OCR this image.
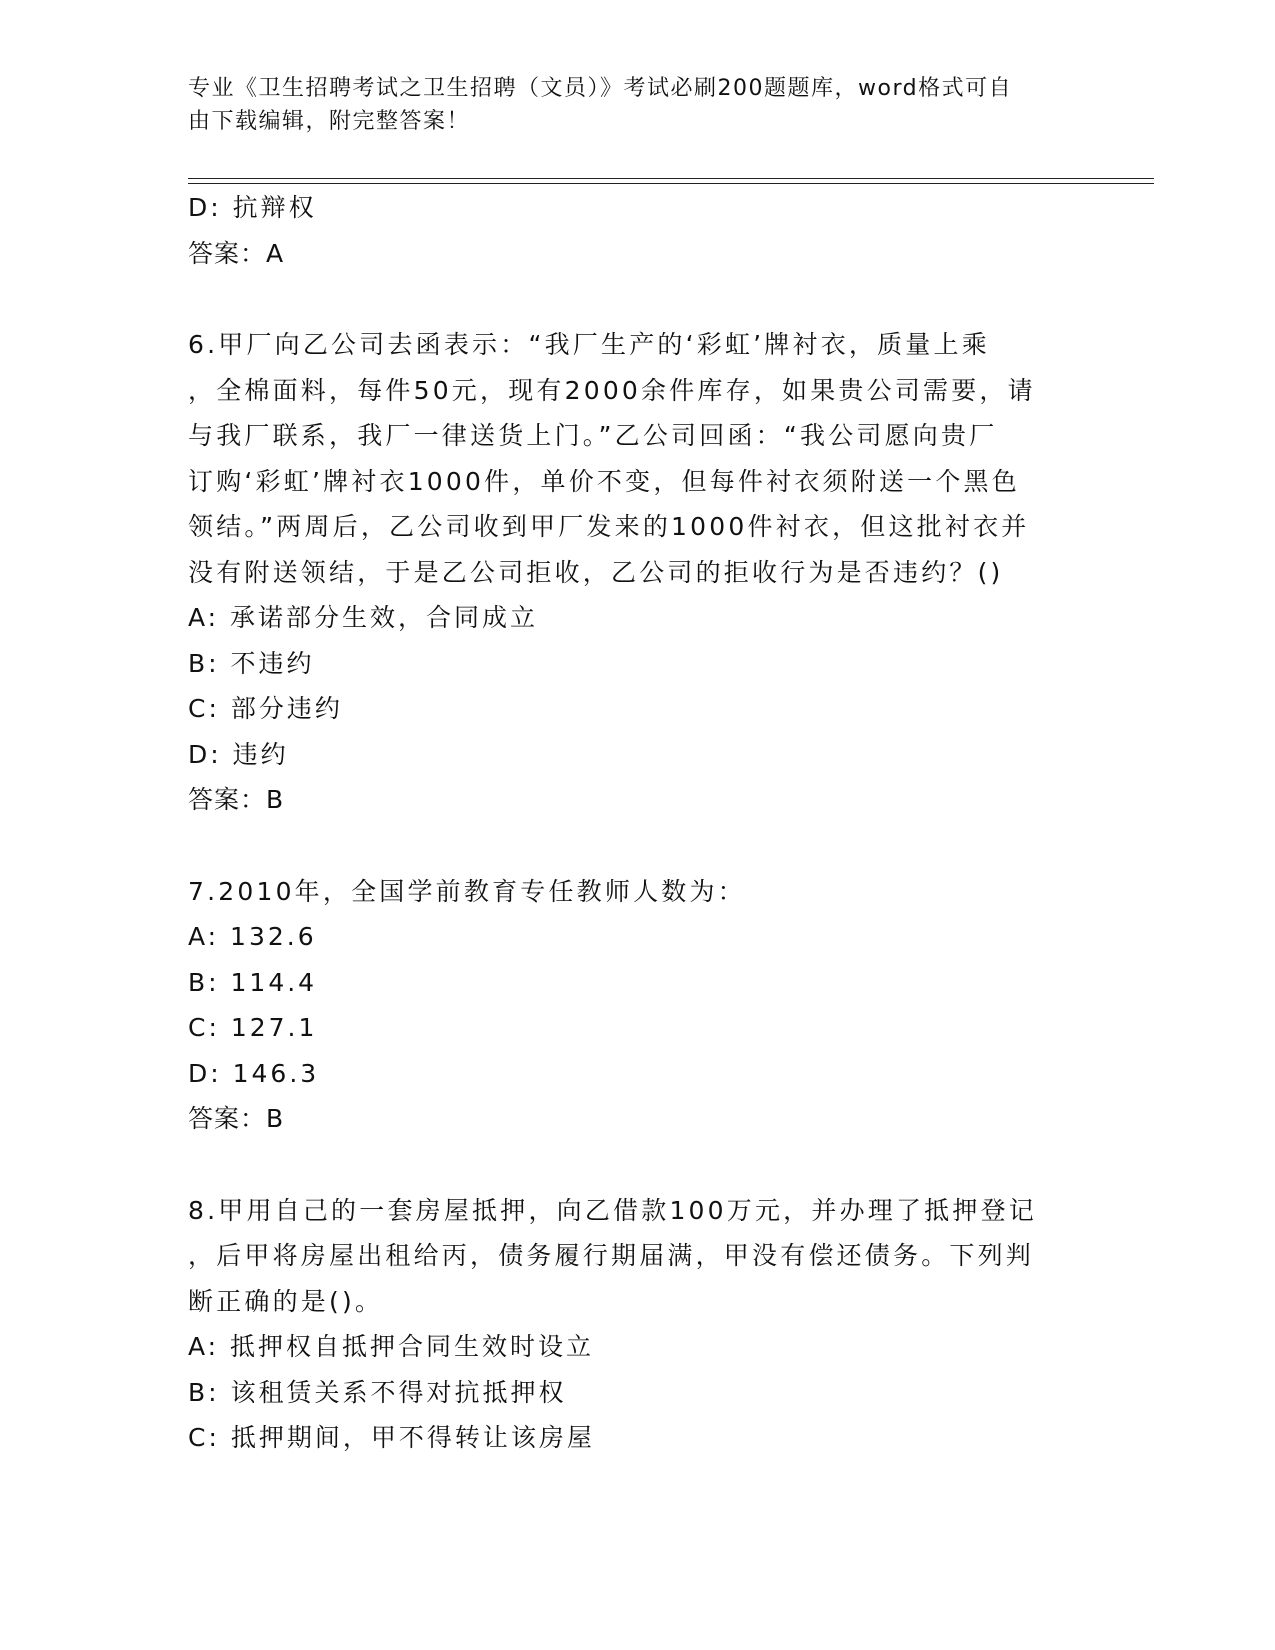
专业《卫生招聘考试之卫生招聘（文员）》考试必刷200题题库，word格式可自
由下载编辑，附完整答案！
D: 抗辩权
答案：A
6.甲厂向乙公司去函表示：“我厂生产的‘彩虹’牌衬衣，质量上乘
，全棉面料，每件50元，现有2000余件库存，如果贵公司需要，请
与我厂联系，我厂一律送货上门。”乙公司回函：“我公司愿向贵厂
订购‘彩虹’牌衬衣1000件，单价不变，但每件衬衣须附送一个黑色
领结。”两周后，乙公司收到甲厂发来的1000件衬衣，但这批衬衣并
没有附送领结，于是乙公司拒收，乙公司的拒收行为是否违约？()
A: 承诺部分生效，合同成立
B: 不违约
C: 部分违约
D: 违约
答案：B
7.2010年，全国学前教育专任教师人数为：
A: 132.6
B: 114.4
C: 127.1
D: 146.3
答案：B
8.甲用自己的一套房屋抵押，向乙借款100万元，并办理了抵押登记
，后甲将房屋出租给丙，债务履行期届满，甲没有偿还债务。下列判
断正确的是()。
A: 抵押权自抵押合同生效时设立
B: 该租赁关系不得对抗抵押权
C: 抵押期间，甲不得转让该房屋
